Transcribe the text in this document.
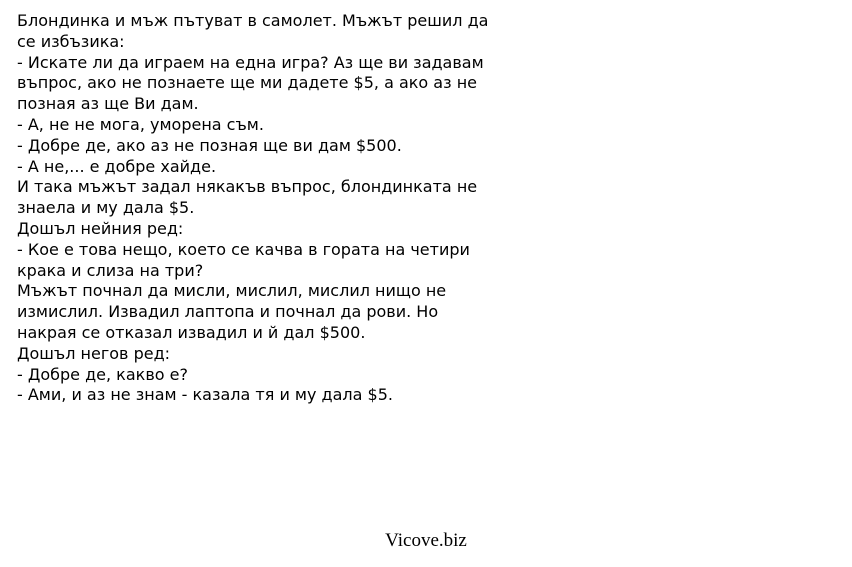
Блондинка и мъж пътуват в самолет. Мъжът решил да
се избъзика:
- Искате ли да играем на една игра? Аз ще ви задавам
въпрос, ако не познаете ще ми дадете $5, а ако аз не
позная аз ще Ви дам.
- А, не не мога, уморена съм.
- Добре де, ако аз не позная ще ви дам $500.
- А не,... е добре хайде.
И така мъжът задал някакъв въпрос, блондинката не
знаела и му дала $5.
Дошъл нейния ред:
- Кое е това нещо, което се качва в гората на четири
крака и слиза на три?
Мъжът почнал да мисли, мислил, мислил нищо не
измислил. Извадил лаптопа и почнал да рови. Но
накрая се отказал извадил и й дал $500.
Дошъл негов ред:
- Добре де, какво е?
- Ами, и аз не знам - казала тя и му дала $5.
Vicove.biz
